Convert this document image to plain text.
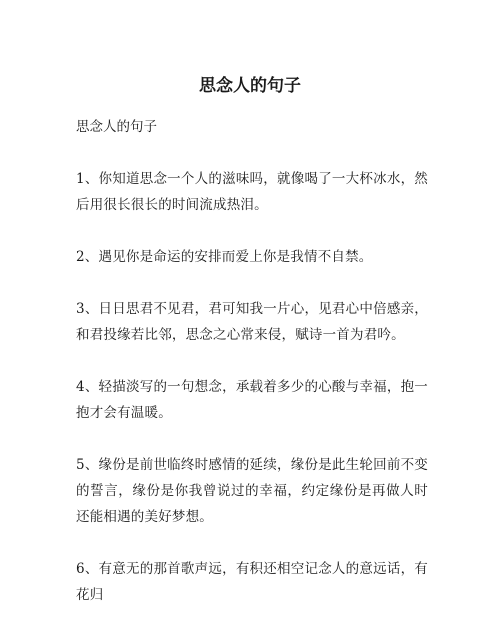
思念人的句子

思念人的句子

1、你知道思念一个人的滋味吗，就像喝了一大杯冰水，然后用很长很长的时间流成热泪。

2、遇见你是命运的安排而爱上你是我情不自禁。

3、日日思君不见君，君可知我一片心，见君心中倍感亲，和君投缘若比邻，思念之心常来侵，赋诗一首为君吟。

4、轻描淡写的一句想念，承载着多少的心酸与幸福，抱一抱才会有温暖。

5、缘份是前世临终时感情的延续，缘份是此生轮回前不变的誓言，缘份是你我曾说过的幸福，约定缘份是再做人时还能相遇的美好梦想。

6、有意无的那首歌声远，有积还相空记念人的意远话，有花归
